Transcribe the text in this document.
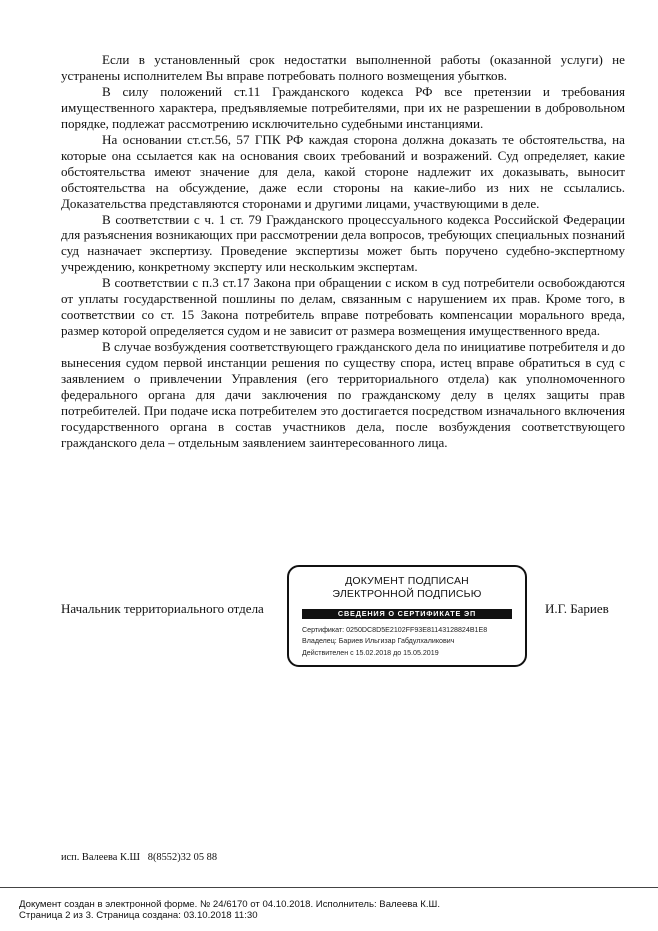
Если в установленный срок недостатки выполненной работы (оказанной услуги) не устранены исполнителем Вы вправе потребовать полного возмещения убытков.

В силу положений ст.11 Гражданского кодекса РФ все претензии и требования имущественного характера, предъявляемые потребителями, при их не разрешении в добровольном порядке, подлежат рассмотрению исключительно судебными инстанциями.

На основании ст.ст.56, 57 ГПК РФ каждая сторона должна доказать те обстоятельства, на которые она ссылается как на основания своих требований и возражений. Суд определяет, какие обстоятельства имеют значение для дела, какой стороне надлежит их доказывать, выносит обстоятельства на обсуждение, даже если стороны на какие-либо из них не ссылались. Доказательства представляются сторонами и другими лицами, участвующими в деле.

В соответствии с ч. 1 ст. 79 Гражданского процессуального кодекса Российской Федерации для разъяснения возникающих при рассмотрении дела вопросов, требующих специальных познаний суд назначает экспертизу. Проведение экспертизы может быть поручено судебно-экспертному учреждению, конкретному эксперту или нескольким экспертам.

В соответствии с п.3 ст.17 Закона при обращении с иском в суд потребители освобождаются от уплаты государственной пошлины по делам, связанным с нарушением их прав. Кроме того, в соответствии со ст. 15 Закона потребитель вправе потребовать компенсации морального вреда, размер которой определяется судом и не зависит от размера возмещения имущественного вреда.

В случае возбуждения соответствующего гражданского дела по инициативе потребителя и до вынесения судом первой инстанции решения по существу спора, истец вправе обратиться в суд с заявлением о привлечении Управления (его территориального отдела) как уполномоченного федерального органа для дачи заключения по гражданскому делу в целях защиты прав потребителей. При подаче иска потребителем это достигается посредством изначального включения государственного органа в состав участников дела, после возбуждения соответствующего гражданского дела – отдельным заявлением заинтересованного лица.

Начальник территориального отдела
ДОКУМЕНТ ПОДПИСАН
ЭЛЕКТРОННОЙ ПОДПИСЬЮ
СВЕДЕНИЯ О СЕРТИФИКАТЕ ЭП
Сертификат: 0250DC8D5E2102FF93E81143128824B1E8
Владелец: Бариев Ильгизар Габдулхаликович
Действителен с 15.02.2018 до 15.05.2019
И.Г. Бариев
исп. Валеева К.Ш   8(8552)32 05 88
Документ создан в электронной форме. № 24/6170 от 04.10.2018. Исполнитель: Валеева К.Ш.
Страница 2 из 3. Страница создана: 03.10.2018 11:30
